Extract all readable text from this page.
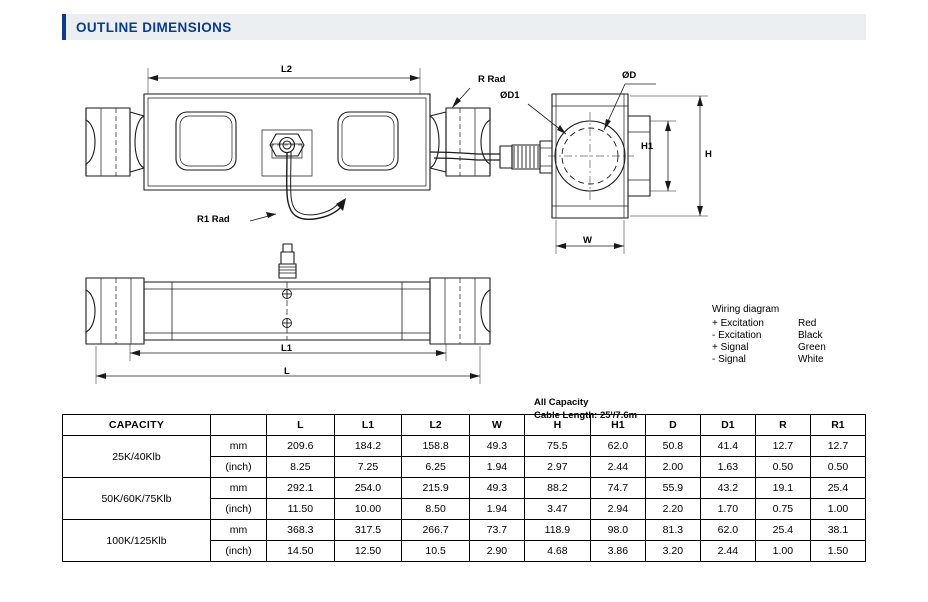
OUTLINE DIMENSIONS
L2
R Rad	ØD
ØD1
H1
H
R1 Rad
W
L1
L
Wiring diagram
+ Excitation	Red
- Excitation	Black
+ Signal	Green
- Signal	White
All Capacity
Cable Length: 25'/7.6m
CAPACITY		L	L1	L2	W	H	H1	D	D1	R	R1
25K/40Klb	mm	209.6	184.2	158.8	49.3	75.5	62.0	50.8	41.4	12.7	12.7
	(inch)	8.25	7.25	6.25	1.94	2.97	2.44	2.00	1.63	0.50	0.50
50K/60K/75Klb	mm	292.1	254.0	215.9	49.3	88.2	74.7	55.9	43.2	19.1	25.4
	(inch)	11.50	10.00	8.50	1.94	3.47	2.94	2.20	1.70	0.75	1.00
100K/125Klb	mm	368.3	317.5	266.7	73.7	118.9	98.0	81.3	62.0	25.4	38.1
	(inch)	14.50	12.50	10.5	2.90	4.68	3.86	3.20	2.44	1.00	1.50
